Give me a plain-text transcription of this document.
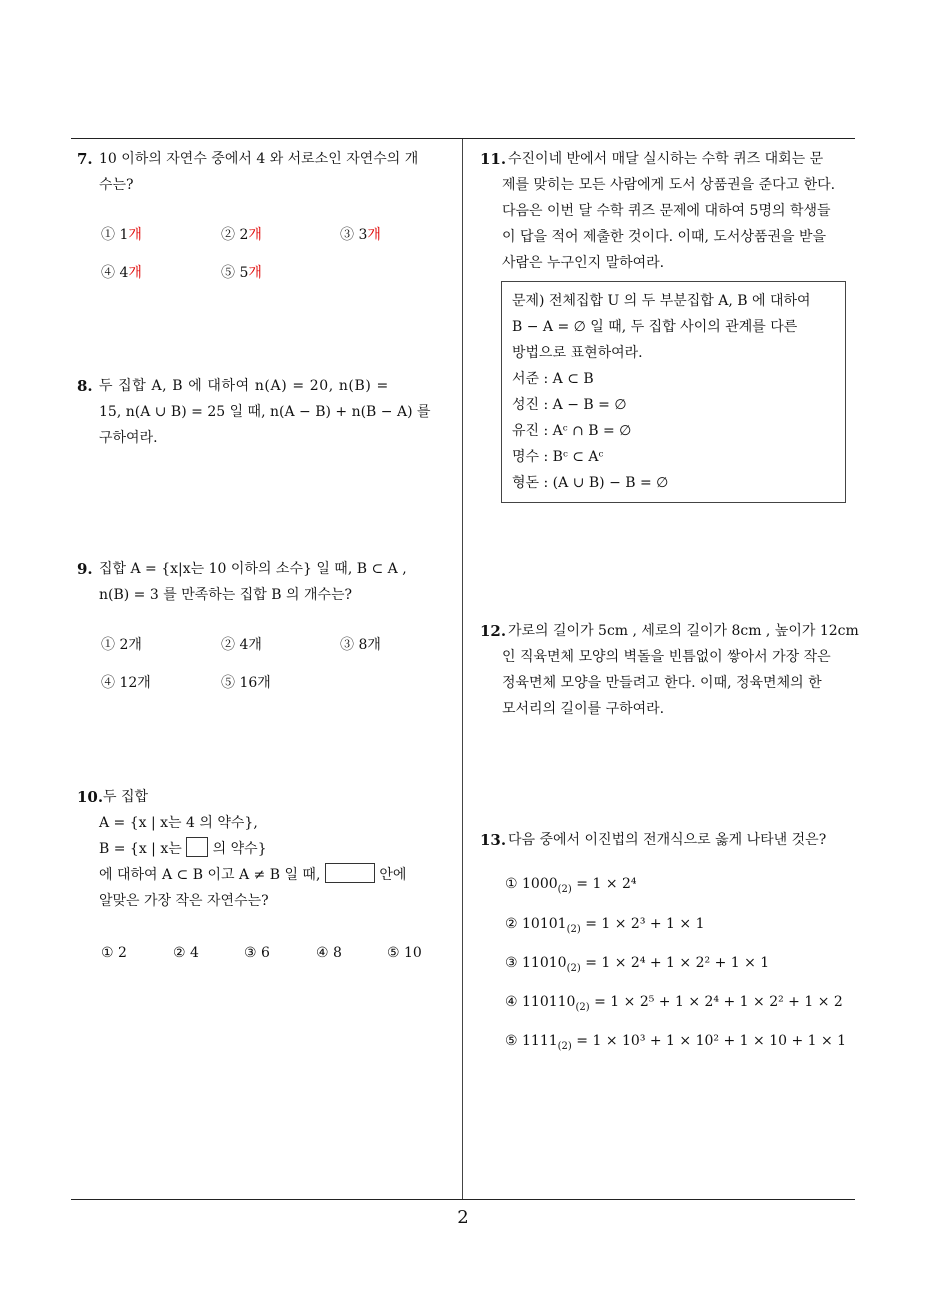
2
7. 10 이하의 자연수 중에서 4 와 서로소인 자연수의 개
수는?
① 1개	② 2개	③ 3개
④ 4개	⑤ 5개
8. 두 집합 A, B 에 대하여 n(A) = 20, n(B) =
15, n(A ∪ B) = 25 일 때, n(A − B) + n(B − A) 를
구하여라.
9. 집합 A = {x|x는 10 이하의 소수} 일 때, B ⊂ A ,
n(B) = 3 를 만족하는 집합 B 의 개수는?
① 2개	② 4개	③ 8개
④ 12개	⑤ 16개
10. 두 집합
A = {x | x는 4 의 약수},
B = {x | x는 의 약수}
에 대하여 A ⊂ B 이고 A ≠ B 일 때,	안에
알맞은 가장 작은 자연수는?
① 2	② 4	③ 6	④ 8	⑤ 10
11. 수진이네 반에서 매달 실시하는 수학 퀴즈 대회는 문
제를 맞히는 모든 사람에게 도서 상품권을 준다고 한다.
다음은 이번 달 수학 퀴즈 문제에 대하여 5명의 학생들
이 답을 적어 제출한 것이다. 이때, 도서상품권을 받을
사람은 누구인지 말하여라.
문제) 전체집합 U 의 두 부분집합 A, B 에 대하여
B − A = ∅ 일 때, 두 집합 사이의 관계를 다른
방법으로 표현하여라.
서준 : A ⊂ B
성진 : A − B = ∅
유진 : Aᶜ ∩ B = ∅
명수 : Bᶜ ⊂ Aᶜ
형돈 : (A ∪ B) − B = ∅
12. 가로의 길이가 5cm , 세로의 길이가 8cm , 높이가 12cm
인 직육면체 모양의 벽돌을 빈틈없이 쌓아서 가장 작은
정육면체 모양을 만들려고 한다. 이때, 정육면체의 한
모서리의 길이를 구하여라.
13. 다음 중에서 이진법의 전개식으로 옳게 나타낸 것은?
① $1000_{(2)} = 1 \times 2^4$
② $10101_{(2)} = 1 \times 2^3 + 1 \times 1$
③ $11010_{(2)} = 1 \times 2^4 + 1 \times 2^2 + 1 \times 1$
④ $110110_{(2)} = 1 \times 2^5 + 1 \times 2^4 + 1 \times 2^2 + 1 \times 2$
⑤ $1111_{(2)} = 1 \times 10^3 + 1 \times 10^2 + 1 \times 10 + 1 \times 1$
